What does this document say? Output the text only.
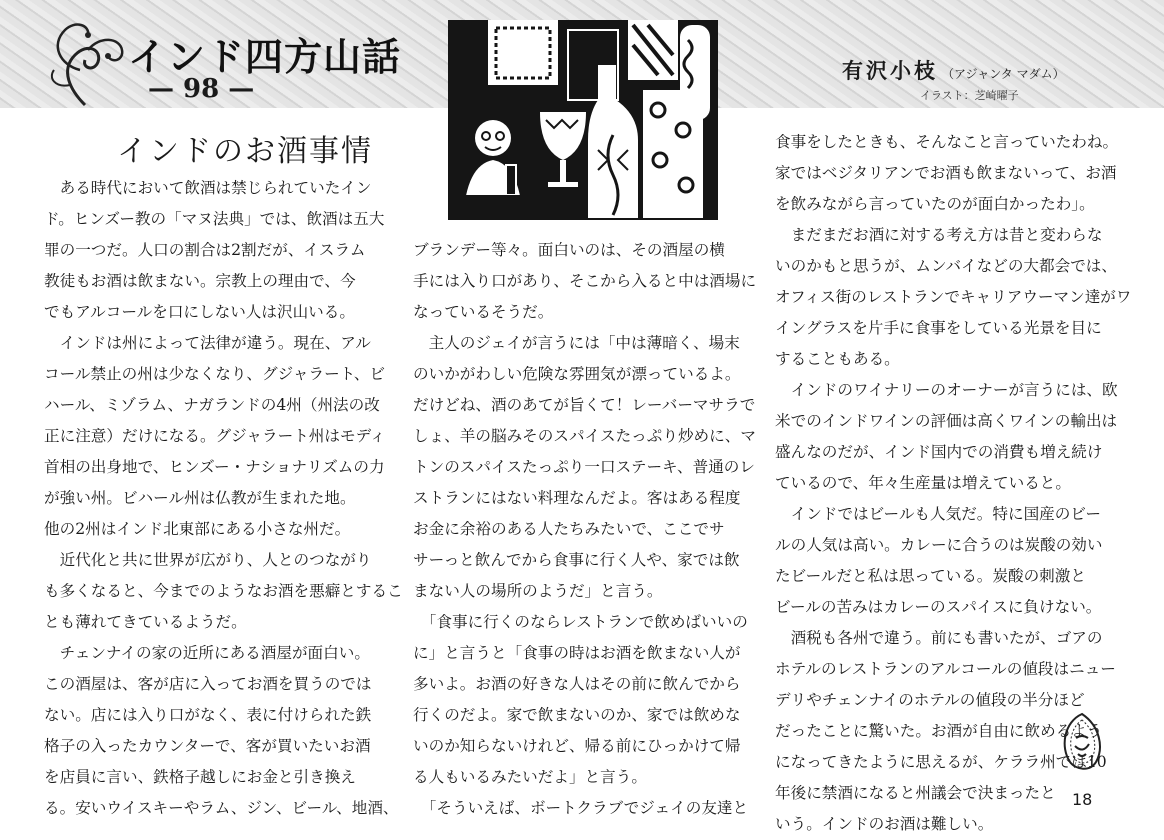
インド四方山話
— 98 —
有沢小枝 （アジャンタ マダム）
イラスト：芝崎曜子
インドのお酒事情

　ある時代において飲酒は禁じられていたイン

ド。ヒンズー教の「マヌ法典」では、飲酒は五大

罪の一つだ。人口の割合は2割だが、イスラム

教徒もお酒は飲まない。宗教上の理由で、今

でもアルコールを口にしない人は沢山いる。

　インドは州によって法律が違う。現在、アル

コール禁止の州は少なくなり、グジャラート、ビ

ハール、ミゾラム、ナガランドの4州（州法の改

正に注意）だけになる。グジャラート州はモディ

首相の出身地で、ヒンズー・ナショナリズムの力

が強い州。ビハール州は仏教が生まれた地。

他の2州はインド北東部にある小さな州だ。

　近代化と共に世界が広がり、人とのつながり

も多くなると、今までのようなお酒を悪癖とするこ

とも薄れてきているようだ。

　チェンナイの家の近所にある酒屋が面白い。

この酒屋は、客が店に入ってお酒を買うのでは

ない。店には入り口がなく、表に付けられた鉄

格子の入ったカウンターで、客が買いたいお酒

を店員に言い、鉄格子越しにお金と引き換え

る。安いウイスキーやラム、ジン、ビール、地酒、

ブランデー等々。面白いのは、その酒屋の横

手には入り口があり、そこから入ると中は酒場に

なっているそうだ。

　主人のジェイが言うには「中は薄暗く、場末

のいかがわしい危険な雰囲気が漂っているよ。

だけどね、酒のあてが旨くて！レーバーマサラで

しょ、羊の脳みそのスパイスたっぷり炒めに、マ

トンのスパイスたっぷり一口ステーキ、普通のレ

ストランにはない料理なんだよ。客はある程度

お金に余裕のある人たちみたいで、ここでサ

サーっと飲んでから食事に行く人や、家では飲

まない人の場所のようだ」と言う。

　「食事に行くのならレストランで飲めばいいの

に」と言うと「食事の時はお酒を飲まない人が

多いよ。お酒の好きな人はその前に飲んでから

行くのだよ。家で飲まないのか、家では飲めな

いのか知らないけれど、帰る前にひっかけて帰

る人もいるみたいだよ」と言う。

　「そういえば、ボートクラブでジェイの友達と

食事をしたときも、そんなこと言っていたわね。

家ではベジタリアンでお酒も飲まないって、お酒

を飲みながら言っていたのが面白かったわ」。

　まだまだお酒に対する考え方は昔と変わらな

いのかもと思うが、ムンバイなどの大都会では、

オフィス街のレストランでキャリアウーマン達がワ

イングラスを片手に食事をしている光景を目に

することもある。

　インドのワイナリーのオーナーが言うには、欧

米でのインドワインの評価は高くワインの輸出は

盛んなのだが、インド国内での消費も増え続け

ているので、年々生産量は増えていると。

　インドではビールも人気だ。特に国産のビー

ルの人気は高い。カレーに合うのは炭酸の効い

たビールだと私は思っている。炭酸の刺激と

ビールの苦みはカレーのスパイスに負けない。

　酒税も各州で違う。前にも書いたが、ゴアの

ホテルのレストランのアルコールの値段はニュー

デリやチェンナイのホテルの値段の半分ほど

だったことに驚いた。お酒が自由に飲めるよう

になってきたように思えるが、ケララ州では10

年後に禁酒になると州議会で決まったと

いう。インドのお酒は難しい。

18
